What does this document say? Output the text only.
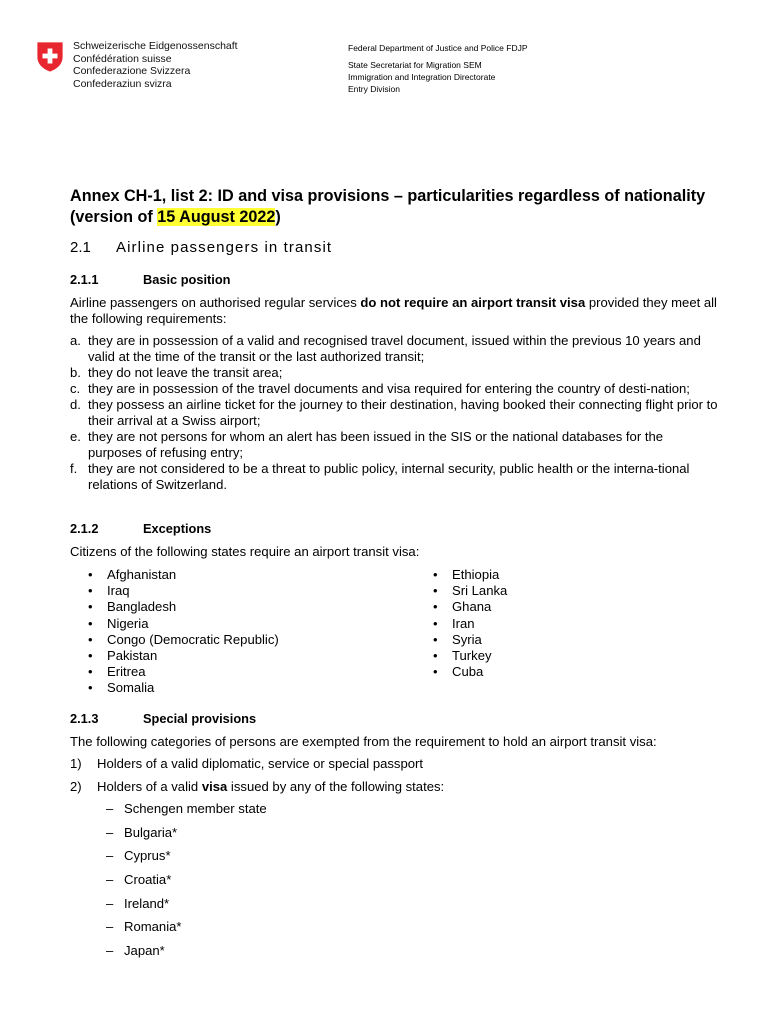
Schweizerische Eidgenossenschaft
Confédération suisse
Confederazione Svizzera
Confederaziun svizra
Federal Department of Justice and Police FDJP
State Secretariat for Migration SEM
Immigration and Integration Directorate
Entry Division
Annex CH-1, list 2: ID and visa provisions – particularities regardless of nationality (version of 15 August 2022)
2.1 Airline passengers in transit
2.1.1	Basic position
Airline passengers on authorised regular services do not require an airport transit visa provided they meet all the following requirements:
a. they are in possession of a valid and recognised travel document, issued within the previous 10 years and valid at the time of the transit or the last authorized transit;
b. they do not leave the transit area;
c. they are in possession of the travel documents and visa required for entering the country of desti-nation;
d. they possess an airline ticket for the journey to their destination, having booked their connecting flight prior to their arrival at a Swiss airport;
e. they are not persons for whom an alert has been issued in the SIS or the national databases for the purposes of refusing entry;
f. they are not considered to be a threat to public policy, internal security, public health or the interna-tional relations of Switzerland.
2.1.2	Exceptions
Citizens of the following states require an airport transit visa:
• Afghanistan
• Iraq
• Bangladesh
• Nigeria
• Congo (Democratic Republic)
• Pakistan
• Eritrea
• Somalia
• Ethiopia
• Sri Lanka
• Ghana
• Iran
• Syria
• Turkey
• Cuba
2.1.3	Special provisions
The following categories of persons are exempted from the requirement to hold an airport transit visa:
1) Holders of a valid diplomatic, service or special passport
2) Holders of a valid visa issued by any of the following states:
– Schengen member state
– Bulgaria*
– Cyprus*
– Croatia*
– Ireland*
– Romania*
– Japan*
